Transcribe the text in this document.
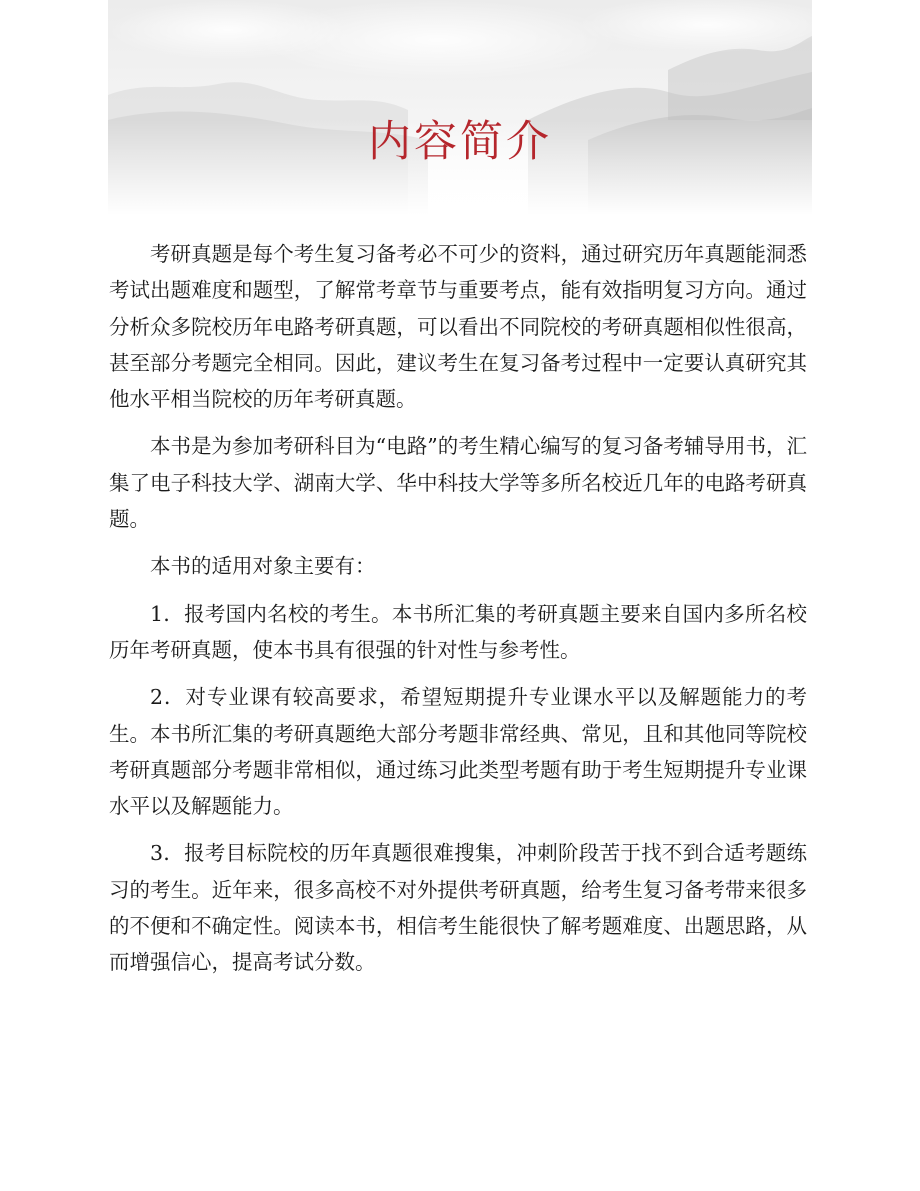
内容简介

考研真题是每个考生复习备考必不可少的资料，通过研究历年真题能洞悉考试出题难度和题型，了解常考章节与重要考点，能有效指明复习方向。通过分析众多院校历年电路考研真题，可以看出不同院校的考研真题相似性很高，甚至部分考题完全相同。因此，建议考生在复习备考过程中一定要认真研究其他水平相当院校的历年考研真题。

本书是为参加考研科目为“电路”的考生精心编写的复习备考辅导用书，汇集了电子科技大学、湖南大学、华中科技大学等多所名校近几年的电路考研真题。

本书的适用对象主要有：

1．报考国内名校的考生。本书所汇集的考研真题主要来自国内多所名校历年考研真题，使本书具有很强的针对性与参考性。

2．对专业课有较高要求，希望短期提升专业课水平以及解题能力的考生。本书所汇集的考研真题绝大部分考题非常经典、常见，且和其他同等院校考研真题部分考题非常相似，通过练习此类型考题有助于考生短期提升专业课水平以及解题能力。

3．报考目标院校的历年真题很难搜集，冲刺阶段苦于找不到合适考题练习的考生。近年来，很多高校不对外提供考研真题，给考生复习备考带来很多的不便和不确定性。阅读本书，相信考生能很快了解考题难度、出题思路，从而增强信心，提高考试分数。
